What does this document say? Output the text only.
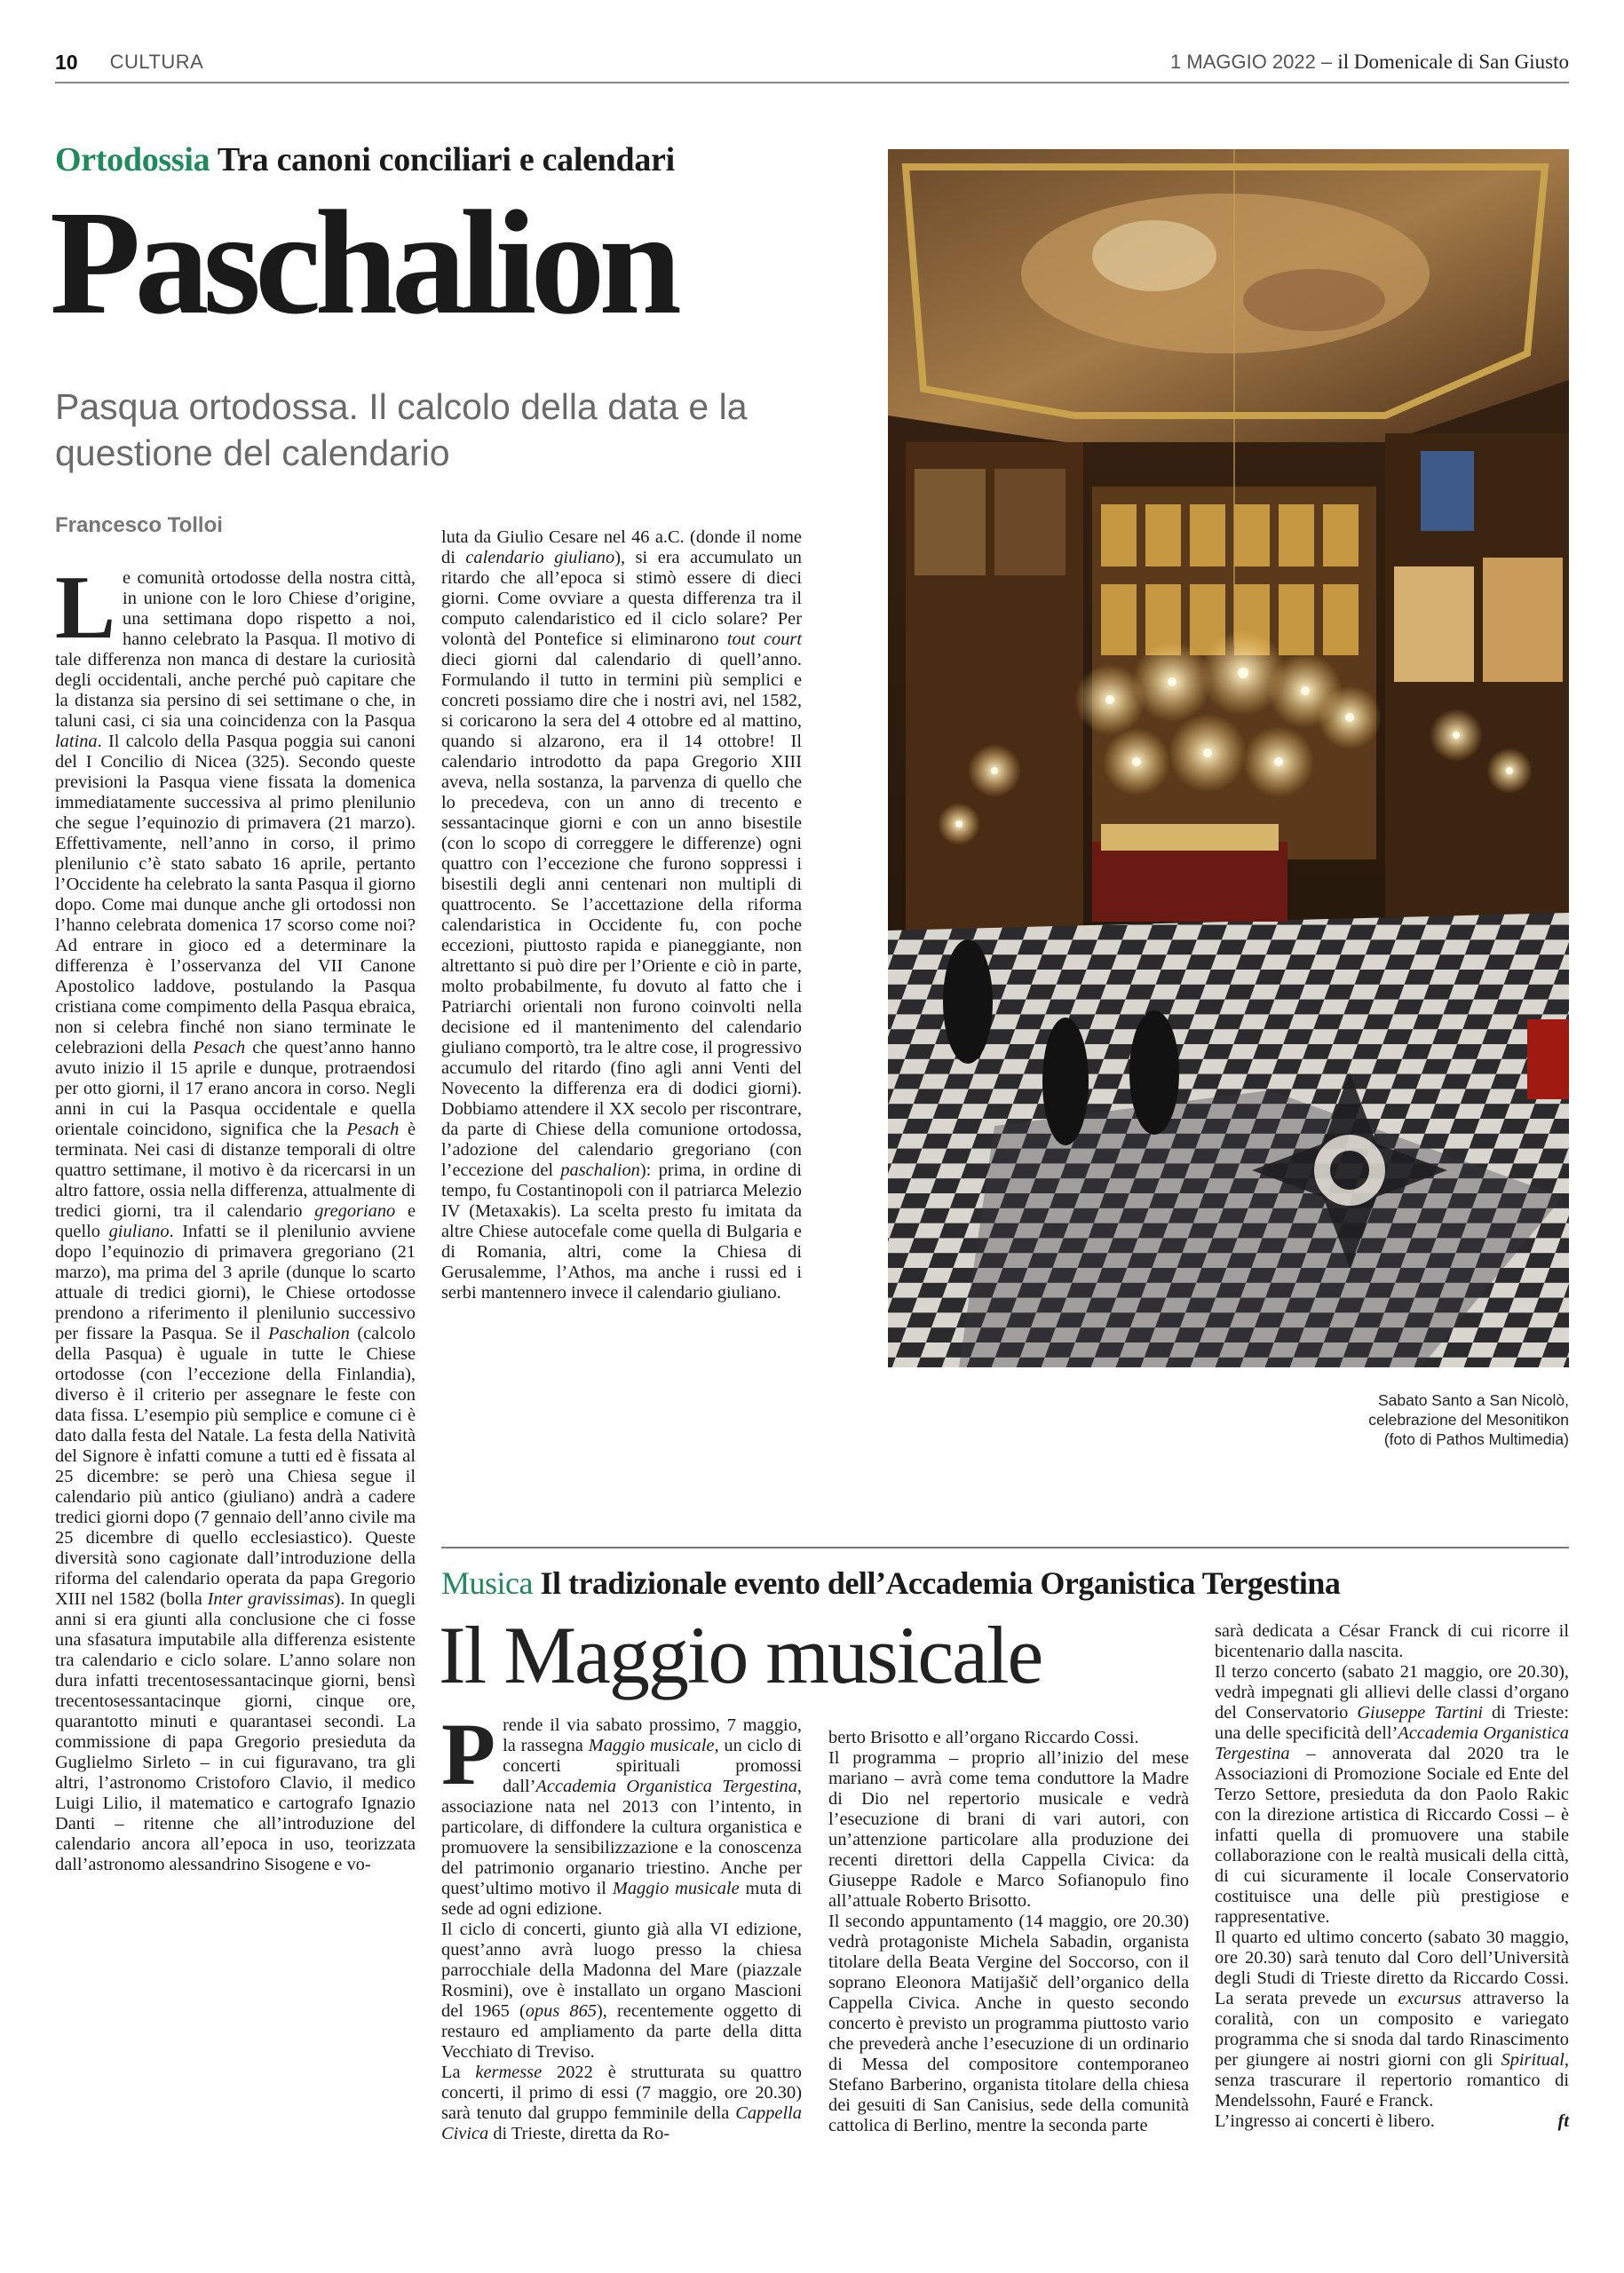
10 CULTURA	1 MAGGIO 2022 – il Domenicale di San Giusto
Ortodossia Tra canoni conciliari e calendari
Paschalion
Pasqua ortodossa. Il calcolo della data e la questione del calendario
Francesco Tolloi
Le comunità ortodosse della nostra città, in unione con le loro Chiese d’origine, una settimana dopo rispetto a noi, hanno celebrato la Pasqua. Il motivo di tale differenza non manca di destare la curiosità degli occidentali, anche perché può capitare che la distanza sia persino di sei settimane o che, in taluni casi, ci sia una coincidenza con la Pasqua latina. Il calcolo della Pasqua poggia sui canoni del I Concilio di Nicea (325). Secondo queste previsioni la Pasqua viene fissata la domenica immediatamente successiva al primo plenilunio che segue l’equinozio di primavera (21 marzo). Effettivamente, nell’anno in corso, il primo plenilunio c’è stato sabato 16 aprile, pertanto l’Occidente ha celebrato la santa Pasqua il giorno dopo. Come mai dunque anche gli ortodossi non l’hanno celebrata domenica 17 scorso come noi? Ad entrare in gioco ed a determinare la differenza è l’osservanza del VII Canone Apostolico laddove, postulando la Pasqua cristiana come compimento della Pasqua ebraica, non si celebra finché non siano terminate le celebrazioni della Pesach che quest’anno hanno avuto inizio il 15 aprile e dunque, protraendosi per otto giorni, il 17 erano ancora in corso. Negli anni in cui la Pasqua occidentale e quella orientale coincidono, significa che la Pesach è terminata. Nei casi di distanze temporali di oltre quattro settimane, il motivo è da ricercarsi in un altro fattore, ossia nella differenza, attualmente di tredici giorni, tra il calendario gregoriano e quello giuliano. Infatti se il plenilunio avviene dopo l’equinozio di primavera gregoriano (21 marzo), ma prima del 3 aprile (dunque lo scarto attuale di tredici giorni), le Chiese ortodosse prendono a riferimento il plenilunio successivo per fissare la Pasqua. Se il Paschalion (calcolo della Pasqua) è uguale in tutte le Chiese ortodosse (con l’eccezione della Finlandia), diverso è il criterio per assegnare le feste con data fissa. L’esempio più semplice e comune ci è dato dalla festa del Natale. La festa della Natività del Signore è infatti comune a tutti ed è fissata al 25 dicembre: se però una Chiesa segue il calendario più antico (giuliano) andrà a cadere tredici giorni dopo (7 gennaio dell’anno civile ma 25 dicembre di quello ecclesiastico). Queste diversità sono cagionate dall’introduzione della riforma del calendario operata da papa Gregorio XIII nel 1582 (bolla Inter gravissimas). In quegli anni si era giunti alla conclusione che ci fosse una sfasatura imputabile alla differenza esistente tra calendario e ciclo solare. L’anno solare non dura infatti trecentosessantacinque giorni, bensì trecentosessantacinque giorni, cinque ore, quarantotto minuti e quarantasei secondi. La commissione di papa Gregorio presieduta da Guglielmo Sirleto – in cui figuravano, tra gli altri, l’astronomo Cristoforo Clavio, il medico Luigi Lilio, il matematico e cartografo Ignazio Danti – ritenne che all’introduzione del calendario ancora all’epoca in uso, teorizzata dall’astronomo alessandrino Sisogene e vo-
luta da Giulio Cesare nel 46 a.C. (donde il nome di calendario giuliano), si era accumulato un ritardo che all’epoca si stimò essere di dieci giorni. Come ovviare a questa differenza tra il computo calendaristico ed il ciclo solare? Per volontà del Pontefice si eliminarono tout court dieci giorni dal calendario di quell’anno. Formulando il tutto in termini più semplici e concreti possiamo dire che i nostri avi, nel 1582, si coricarono la sera del 4 ottobre ed al mattino, quando si alzarono, era il 14 ottobre! Il calendario introdotto da papa Gregorio XIII aveva, nella sostanza, la parvenza di quello che lo precedeva, con un anno di trecento e sessantacinque giorni e con un anno bisestile (con lo scopo di correggere le differenze) ogni quattro con l’eccezione che furono soppressi i bisestili degli anni centenari non multipli di quattrocento. Se l’accettazione della riforma calendaristica in Occidente fu, con poche eccezioni, piuttosto rapida e pianeggiante, non altrettanto si può dire per l’Oriente e ciò in parte, molto probabilmente, fu dovuto al fatto che i Patriarchi orientali non furono coinvolti nella decisione ed il mantenimento del calendario giuliano comportò, tra le altre cose, il progressivo accumulo del ritardo (fino agli anni Venti del Novecento la differenza era di dodici giorni). Dobbiamo attendere il XX secolo per riscontrare, da parte di Chiese della comunione ortodossa, l’adozione del calendario gregoriano (con l’eccezione del paschalion): prima, in ordine di tempo, fu Costantinopoli con il patriarca Melezio IV (Metaxakis). La scelta presto fu imitata da altre Chiese autocefale come quella di Bulgaria e di Romania, altri, come la Chiesa di Gerusalemme, l’Athos, ma anche i russi ed i serbi mantennero invece il calendario giuliano.
Sabato Santo a San Nicolò,
celebrazione del Mesonitikon
(foto di Pathos Multimedia)
Musica Il tradizionale evento dell’Accademia Organistica Tergestina
Il Maggio musicale

Prende il via sabato prossimo, 7 maggio, la rassegna Maggio musicale, un ciclo di concerti spirituali promossi dall’Accademia Organistica Tergestina, associazione nata nel 2013 con l’intento, in particolare, di diffondere la cultura organistica e promuovere la sensibilizzazione e la conoscenza del patrimonio organario triestino. Anche per quest’ultimo motivo il Maggio musicale muta di sede ad ogni edizione.

Il ciclo di concerti, giunto già alla VI edizione, quest’anno avrà luogo presso la chiesa parrocchiale della Madonna del Mare (piazzale Rosmini), ove è installato un organo Mascioni del 1965 (opus 865), recentemente oggetto di restauro ed ampliamento da parte della ditta Vecchiato di Treviso.

La kermesse 2022 è strutturata su quattro concerti, il primo di essi (7 maggio, ore 20.30) sarà tenuto dal gruppo femminile della Cappella Civica di Trieste, diretta da Ro-

berto Brisotto e all’organo Riccardo Cossi.

Il programma – proprio all’inizio del mese mariano – avrà come tema conduttore la Madre di Dio nel repertorio musicale e vedrà l’esecuzione di brani di vari autori, con un’attenzione particolare alla produzione dei recenti direttori della Cappella Civica: da Giuseppe Radole e Marco Sofianopulo fino all’attuale Roberto Brisotto.

Il secondo appuntamento (14 maggio, ore 20.30) vedrà protagoniste Michela Sabadin, organista titolare della Beata Vergine del Soccorso, con il soprano Eleonora Matijašič dell’organico della Cappella Civica. Anche in questo secondo concerto è previsto un programma piuttosto vario che prevederà anche l’esecuzione di un ordinario di Messa del compositore contemporaneo Stefano Barberino, organista titolare della chiesa dei gesuiti di San Canisius, sede della comunità cattolica di Berlino, mentre la seconda parte

sarà dedicata a César Franck di cui ricorre il bicentenario dalla nascita.

Il terzo concerto (sabato 21 maggio, ore 20.30), vedrà impegnati gli allievi delle classi d’organo del Conservatorio Giuseppe Tartini di Trieste: una delle specificità dell’Accademia Organistica Tergestina – annoverata dal 2020 tra le Associazioni di Promozione Sociale ed Ente del Terzo Settore, presieduta da don Paolo Rakic con la direzione artistica di Riccardo Cossi – è infatti quella di promuovere una stabile collaborazione con le realtà musicali della città, di cui sicuramente il locale Conservatorio costituisce una delle più prestigiose e rappresentative.

Il quarto ed ultimo concerto (sabato 30 maggio, ore 20.30) sarà tenuto dal Coro dell’Università degli Studi di Trieste diretto da Riccardo Cossi. La serata prevede un excursus attraverso la coralità, con un composito e variegato programma che si snoda dal tardo Rinascimento per giungere ai nostri giorni con gli Spiritual, senza trascurare il repertorio romantico di Mendelssohn, Fauré e Franck.

L’ingresso ai concerti è libero.	ft
